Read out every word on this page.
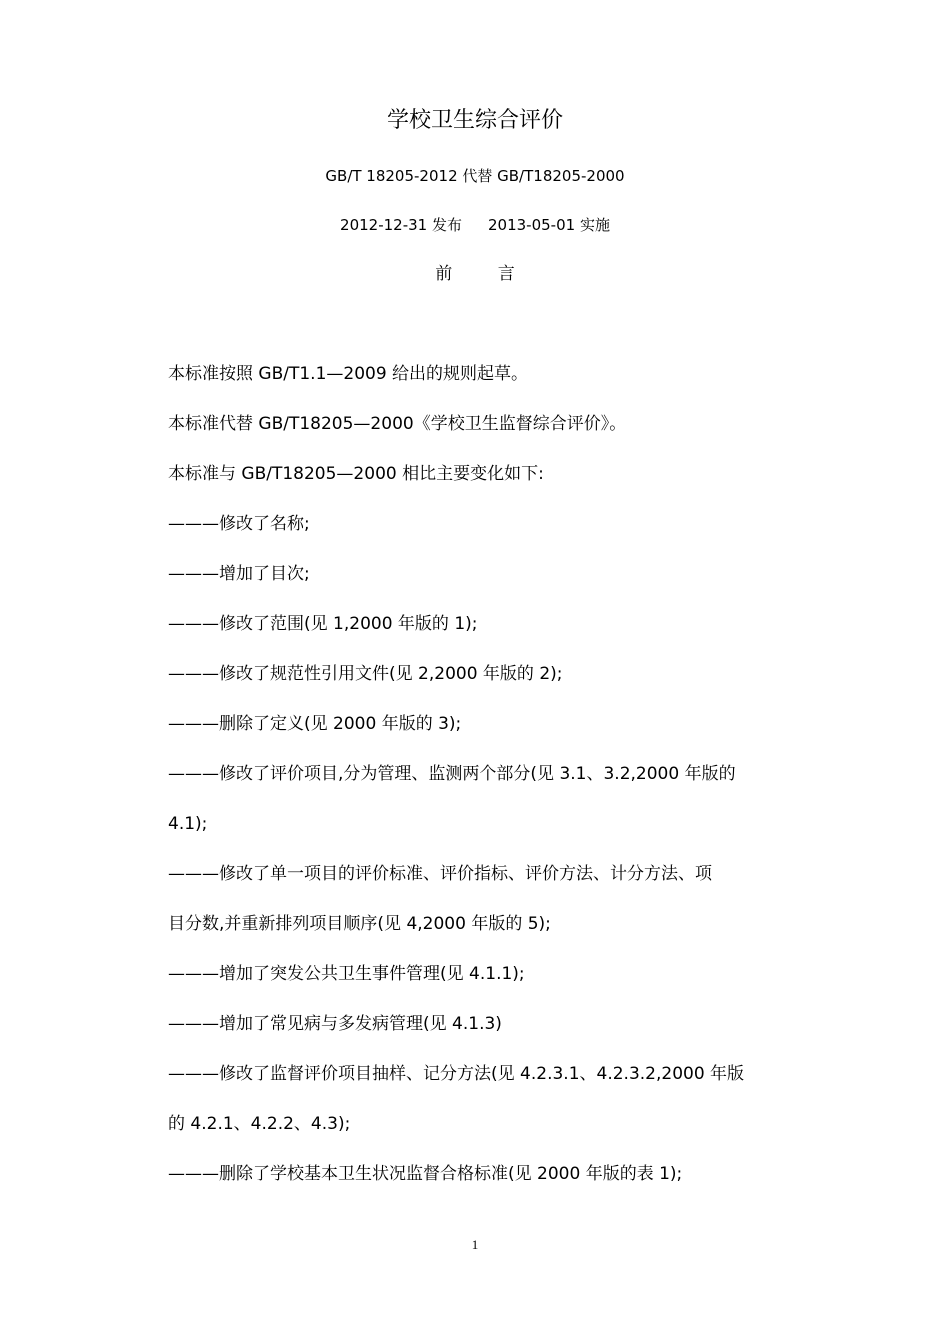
学校卫生综合评价
GB/T 18205-2012 代替 GB/T18205-2000
2012-12-31 发布 2013-05-01 实施
前 言
本标准按照 GB/T1.1—2009 给出的规则起草。
本标准代替 GB/T18205—2000《学校卫生监督综合评价》。
本标准与 GB/T18205—2000 相比主要变化如下:
———修改了名称;
———增加了目次;
———修改了范围(见 1,2000 年版的 1);
———修改了规范性引用文件(见 2,2000 年版的 2);
———删除了定义(见 2000 年版的 3);
———修改了评价项目,分为管理、监测两个部分(见 3.1、3.2,2000 年版的
4.1);
———修改了单一项目的评价标准、评价指标、评价方法、计分方法、项
目分数,并重新排列项目顺序(见 4,2000 年版的 5);
———增加了突发公共卫生事件管理(见 4.1.1);
———增加了常见病与多发病管理(见 4.1.3)
———修改了监督评价项目抽样、记分方法(见 4.2.3.1、4.2.3.2,2000 年版
的 4.2.1、4.2.2、4.3);
———删除了学校基本卫生状况监督合格标准(见 2000 年版的表 1);
1
